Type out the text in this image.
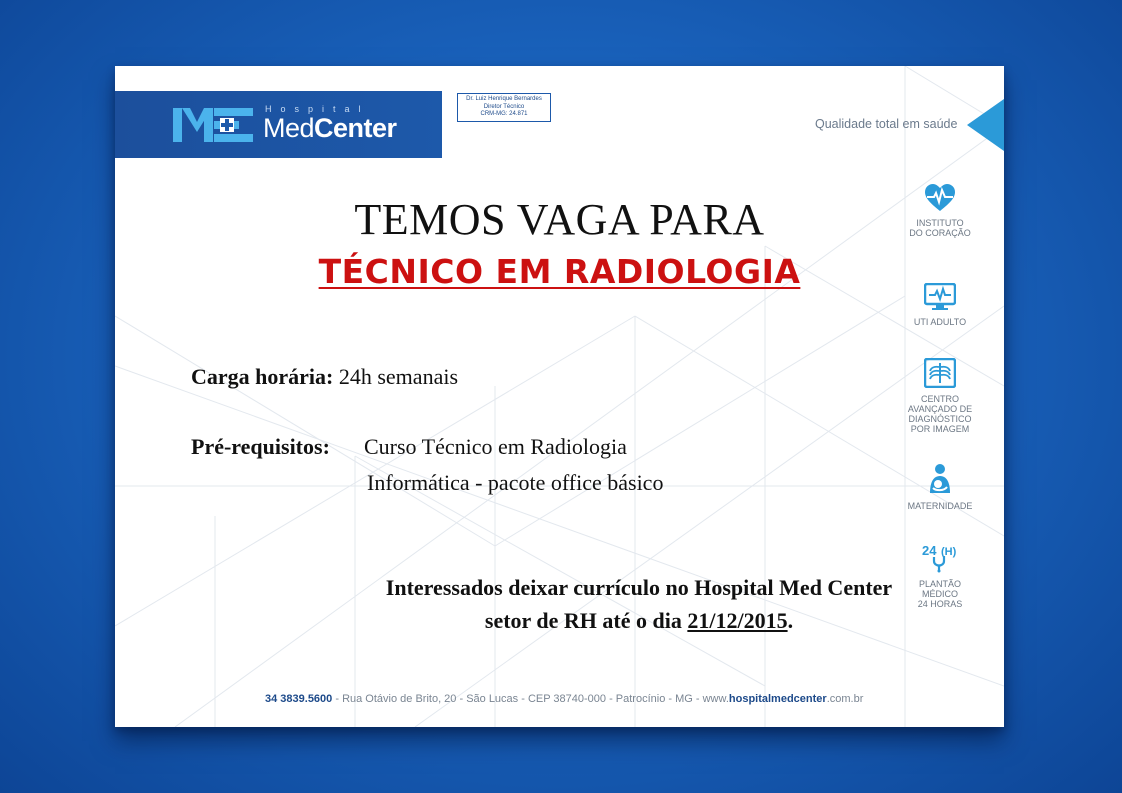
Hospital
MedCenter
Dr. Luiz Henrique Bernardes
Diretor Técnico
CRM-MG: 24.871
Qualidade total em saúde
TEMOS VAGA PARA
TÉCNICO EM RADIOLOGIA
Carga horária: 24h semanais
Pré-requisitos: Curso Técnico em Radiologia
Informática - pacote office básico
Interessados deixar currículo no Hospital Med Center
setor de RH até o dia 21/12/2015.
INSTITUTO
DO CORAÇÃO
UTI ADULTO
CENTRO
AVANÇADO DE
DIAGNÓSTICO
POR IMAGEM
MATERNIDADE
24 (H)
PLANTÃO
MÉDICO
24 HORAS
34 3839.5600 - Rua Otávio de Brito, 20 - São Lucas - CEP 38740-000 - Patrocínio - MG - www.hospitalmedcenter.com.br
